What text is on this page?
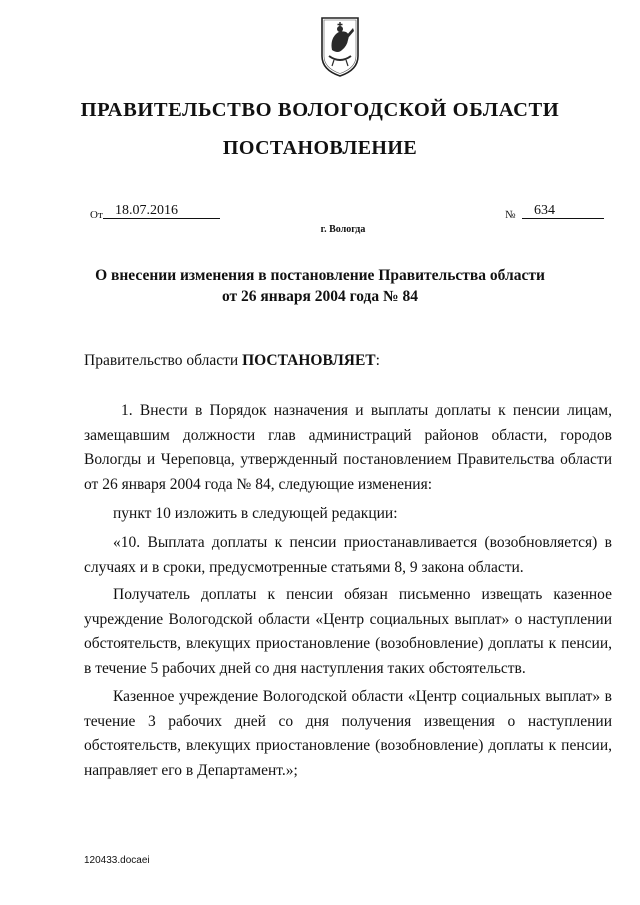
ПРАВИТЕЛЬСТВО ВОЛОГОДСКОЙ ОБЛАСТИ
ПОСТАНОВЛЕНИЕ
От 18.07.2016	№	634
г. Вологда
О внесении изменения в постановление Правительства области
от 26 января 2004 года № 84
Правительство области ПОСТАНОВЛЯЕТ:
1. Внести в Порядок назначения и выплаты доплаты к пенсии лицам, замещавшим должности глав администраций районов области, городов Вологды и Череповца, утвержденный постановлением Правительства области от 26 января 2004 года № 84, следующие изменения:
пункт 10 изложить в следующей редакции:
«10. Выплата доплаты к пенсии приостанавливается (возобновляется) в случаях и в сроки, предусмотренные статьями 8, 9 закона области.
Получатель доплаты к пенсии обязан письменно извещать казенное учреждение Вологодской области «Центр социальных выплат» о наступлении обстоятельств, влекущих приостановление (возобновление) доплаты к пенсии, в течение 5 рабочих дней со дня наступления таких обстоятельств.
Казенное учреждение Вологодской области «Центр социальных выплат» в течение 3 рабочих дней со дня получения извещения о наступлении обстоятельств, влекущих приостановление (возобновление) доплаты к пенсии, направляет его в Департамент.»;
120433.docaei
